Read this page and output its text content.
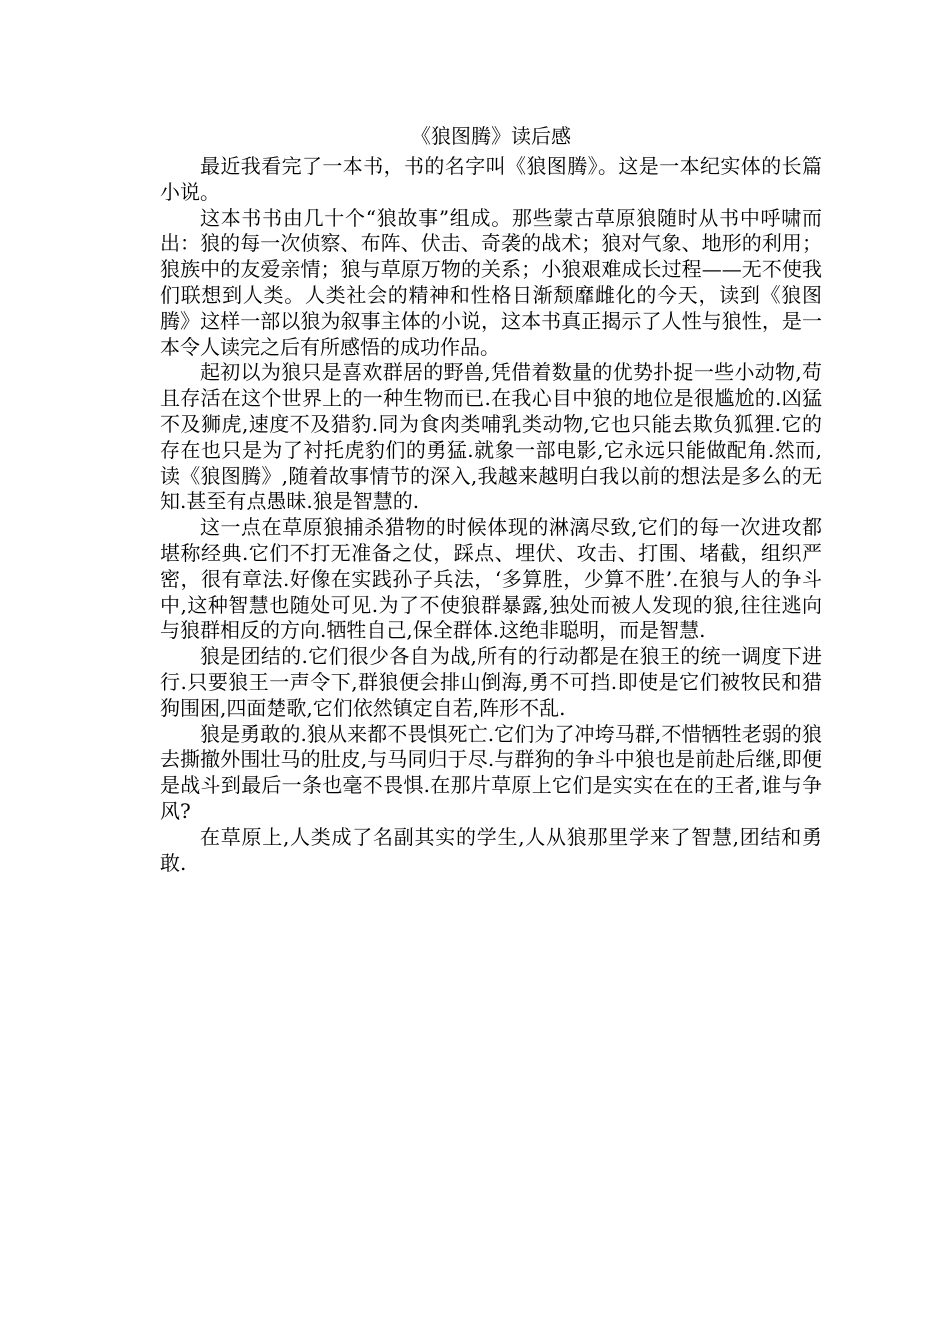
《狼图腾》读后感

最近我看完了一本书，书的名字叫《狼图腾》。这是一本纪实体的长篇小说。

这本书书由几十个“狼故事”组成。那些蒙古草原狼随时从书中呼啸而出：狼的每一次侦察、布阵、伏击、奇袭的战术；狼对气象、地形的利用；狼族中的友爱亲情；狼与草原万物的关系；小狼艰难成长过程——无不使我们联想到人类。人类社会的精神和性格日渐颓靡雌化的今天，读到《狼图腾》这样一部以狼为叙事主体的小说，这本书真正揭示了人性与狼性，是一本令人读完之后有所感悟的成功作品。

起初以为狼只是喜欢群居的野兽,凭借着数量的优势扑捉一些小动物,苟且存活在这个世界上的一种生物而已.在我心目中狼的地位是很尴尬的.凶猛不及狮虎,速度不及猎豹.同为食肉类哺乳类动物,它也只能去欺负狐狸.它的存在也只是为了衬托虎豹们的勇猛.就象一部电影,它永远只能做配角.然而,读《狼图腾》,随着故事情节的深入,我越来越明白我以前的想法是多么的无知.甚至有点愚昧.狼是智慧的.

这一点在草原狼捕杀猎物的时候体现的淋漓尽致,它们的每一次进攻都堪称经典.它们不打无准备之仗，踩点、埋伏、攻击、打围、堵截，组织严密，很有章法.好像在实践孙子兵法，‘多算胜，少算不胜’.在狼与人的争斗中,这种智慧也随处可见.为了不使狼群暴露,独处而被人发现的狼,往往逃向与狼群相反的方向.牺牲自己,保全群体.这绝非聪明，而是智慧.

狼是团结的.它们很少各自为战,所有的行动都是在狼王的统一调度下进行.只要狼王一声令下,群狼便会排山倒海,勇不可挡.即使是它们被牧民和猎狗围困,四面楚歌,它们依然镇定自若,阵形不乱.

狼是勇敢的.狼从来都不畏惧死亡.它们为了冲垮马群,不惜牺牲老弱的狼去撕撤外围壮马的肚皮,与马同归于尽.与群狗的争斗中狼也是前赴后继,即便是战斗到最后一条也毫不畏惧.在那片草原上它们是实实在在的王者,谁与争风?

在草原上,人类成了名副其实的学生,人从狼那里学来了智慧,团结和勇敢.
